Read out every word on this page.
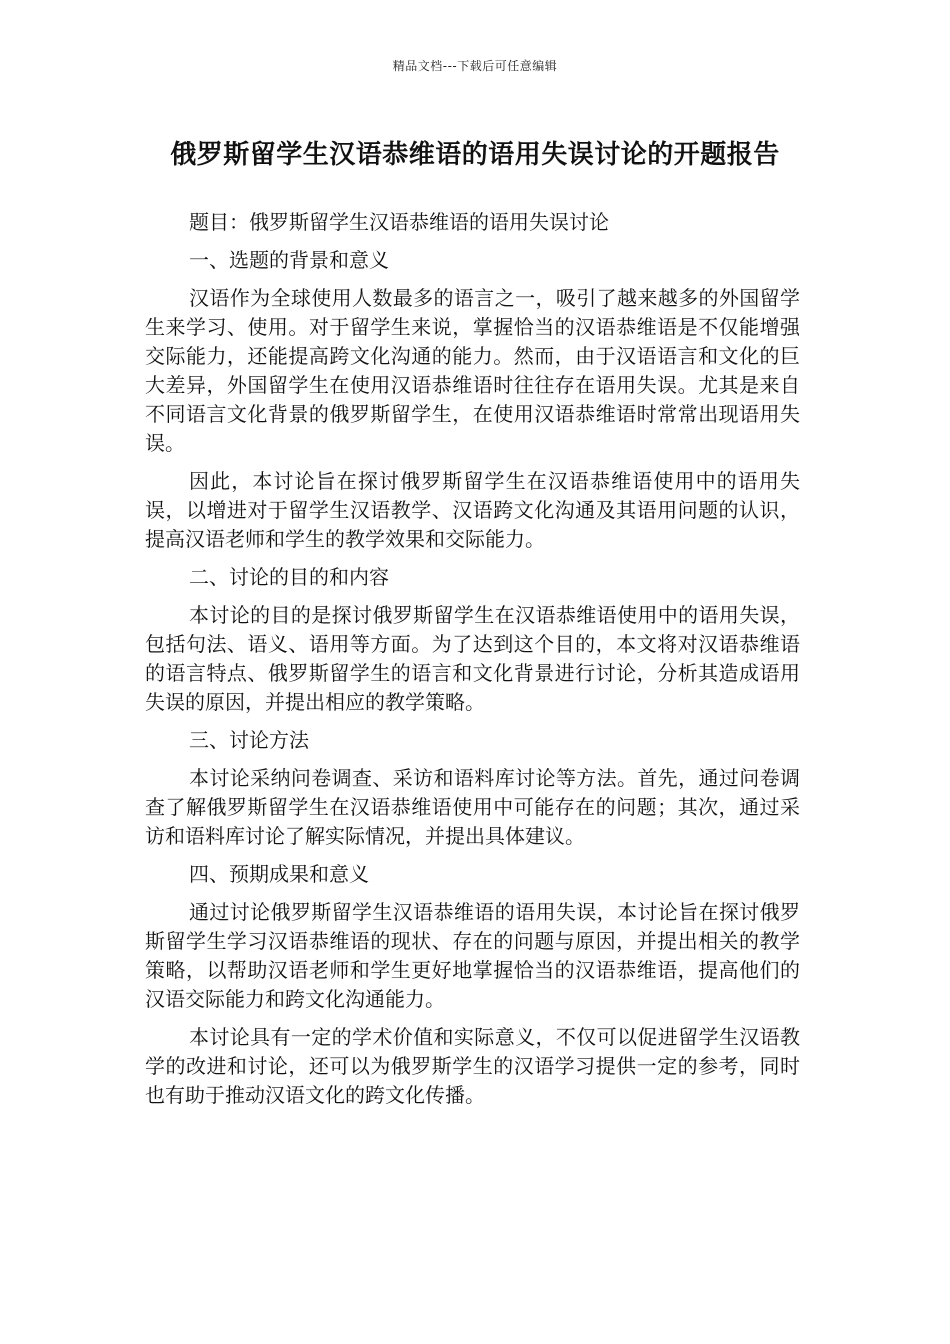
精品文档---下载后可任意编辑
俄罗斯留学生汉语恭维语的语用失误讨论的开题报告

题目：俄罗斯留学生汉语恭维语的语用失误讨论

一、选题的背景和意义

汉语作为全球使用人数最多的语言之一，吸引了越来越多的外国留学生来学习、使用。对于留学生来说，掌握恰当的汉语恭维语是不仅能增强交际能力，还能提高跨文化沟通的能力。然而，由于汉语语言和文化的巨大差异，外国留学生在使用汉语恭维语时往往存在语用失误。尤其是来自不同语言文化背景的俄罗斯留学生，在使用汉语恭维语时常常出现语用失误。

因此，本讨论旨在探讨俄罗斯留学生在汉语恭维语使用中的语用失误，以增进对于留学生汉语教学、汉语跨文化沟通及其语用问题的认识，提高汉语老师和学生的教学效果和交际能力。

二、讨论的目的和内容

本讨论的目的是探讨俄罗斯留学生在汉语恭维语使用中的语用失误，包括句法、语义、语用等方面。为了达到这个目的，本文将对汉语恭维语的语言特点、俄罗斯留学生的语言和文化背景进行讨论，分析其造成语用失误的原因，并提出相应的教学策略。

三、讨论方法

本讨论采纳问卷调查、采访和语料库讨论等方法。首先，通过问卷调查了解俄罗斯留学生在汉语恭维语使用中可能存在的问题；其次，通过采访和语料库讨论了解实际情况，并提出具体建议。

四、预期成果和意义

通过讨论俄罗斯留学生汉语恭维语的语用失误，本讨论旨在探讨俄罗斯留学生学习汉语恭维语的现状、存在的问题与原因，并提出相关的教学策略，以帮助汉语老师和学生更好地掌握恰当的汉语恭维语，提高他们的汉语交际能力和跨文化沟通能力。

本讨论具有一定的学术价值和实际意义，不仅可以促进留学生汉语教学的改进和讨论，还可以为俄罗斯学生的汉语学习提供一定的参考，同时也有助于推动汉语文化的跨文化传播。
